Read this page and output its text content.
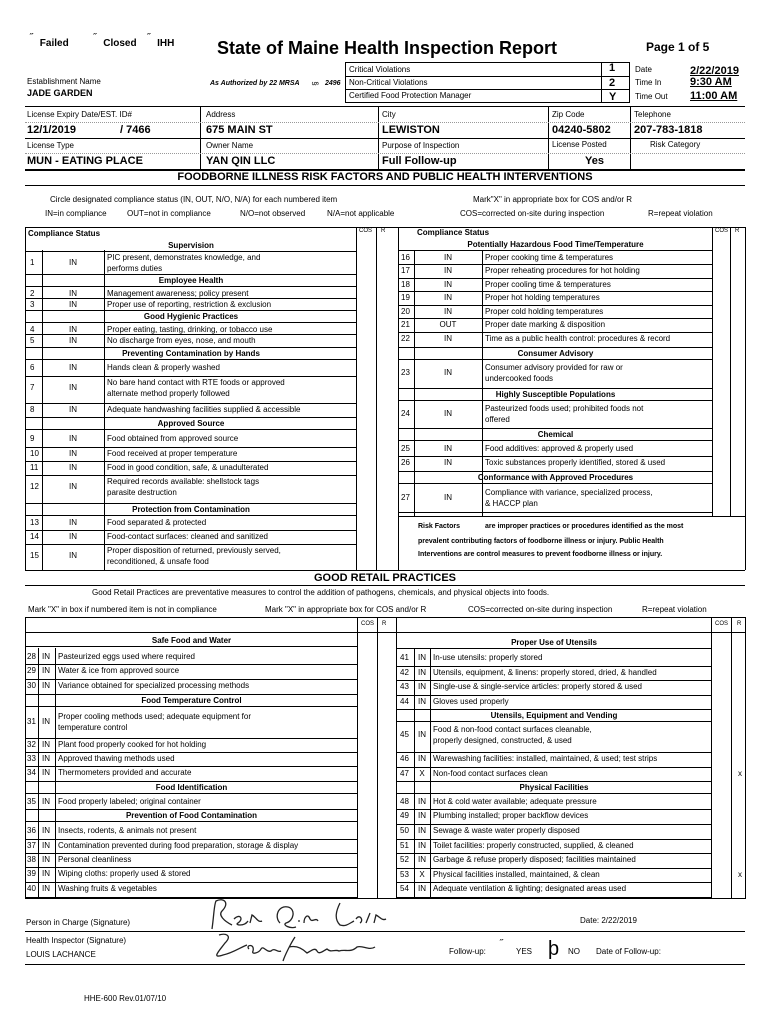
˝ Failed ˝ Closed ˝ IHH State of Maine Health Inspection Report	Page 1 of 5
Establishment Name
JADE GARDEN
As Authorized by 22 MRSA § 2496
Critical Violations	1
Non-Critical Violations	2
Certified Food Protection Manager	Y
Date	2/22/2019
Time In	9:30 AM
Time Out 11:00 AM
License Expiry Date/EST. ID#
12/1/2019	/ 7466
Address
675 MAIN ST
City
LEWISTON
Zip Code
04240-5802
Telephone
207-783-1818
License Type
MUN - EATING PLACE
Owner Name
YAN QIN LLC
Purpose of Inspection
Full Follow-up
License Posted
Yes
Risk Category
FOODBORNE ILLNESS RISK FACTORS AND PUBLIC HEALTH INTERVENTIONS
Circle designated compliance status (IN, OUT, N/O, N/A) for each numbered item	Mark"X" in appropriate box for COS and/or R
IN=in compliance	OUT=not in compliance	N/O=not observed	N/A=not applicable	COS=corrected on-site during inspection	R=repeat violation
Compliance Status	COS R	Compliance Status	COS R
Supervision
1	IN
PIC present, demonstrates knowledge, and
performs duties
Employee Health
2	IN	Management awareness; policy present
3	IN	Proper use of reporting, restriction & exclusion
Good Hygienic Practices
4	IN	Proper eating, tasting, drinking, or tobacco use
5	IN	No discharge from eyes, nose, and mouth
Preventing Contamination by Hands
6	IN	Hands clean & properly washed
7	IN
No bare hand contact with RTE foods or approved
alternate method properly followed
8	IN	Adequate handwashing facilities supplied & accessible
Approved Source
9	IN	Food obtained from approved source
10	IN	Food received at proper temperature
11	IN	Food in good condition, safe, & unadulterated
12	IN
Required records available: shellstock tags
parasite destruction
Protection from Contamination
13	IN	Food separated & protected
14	IN	Food-contact surfaces: cleaned and sanitized
15	IN
Proper disposition of returned, previously served,
reconditioned, & unsafe food
Potentially Hazardous Food Time/Temperature
16	IN	Proper cooking time & temperatures
17	IN	Proper reheating procedures for hot holding
18	IN	Proper cooling time & temperatures
19	IN	Proper hot holding temperatures
20	IN	Proper cold holding temperatures
21	OUT	Proper date marking & disposition
22	IN	Time as a public health control: procedures & record
Consumer Advisory
23	IN
Consumer advisory provided for raw or
undercooked foods
Highly Susceptible Populations
24	IN
Pasteurized foods used; prohibited foods not
offered
Chemical
25	IN	Food additives: approved & properly used
26	IN	Toxic substances properly identified, stored & used
Conformance with Approved Procedures
27	IN
Compliance with variance, specialized process,
& HACCP plan
Risk Factors	are improper practices or procedures identified as the most
prevalent contributing factors of foodborne illness or injury. Public Health
Interventions are control measures to prevent foodborne illness or injury.
GOOD RETAIL PRACTICES
Good Retail Practices are preventative measures to control the addition of pathogens, chemicals, and physical objects into foods.
Mark "X" in box if numbered item is not in compliance	Mark "X" in appropriate box for COS and/or R	COS=corrected on-site during inspection	R=repeat violation
COS R	COS R
Safe Food and Water
28 IN	Pasteurized eggs used where required
29 IN	Water & ice from approved source
30 IN	Variance obtained for specialized processing methods
Food Temperature Control
31 IN
Proper cooling methods used; adequate equipment for
temperature control
32 IN	Plant food properly cooked for hot holding
33 IN	Approved thawing methods used
34 IN	Thermometers provided and accurate
Food Identification
35 IN	Food properly labeled; original container
Prevention of Food Contamination
36 IN	Insects, rodents, & animals not present
37 IN	Contamination prevented during food preparation, storage & display
38 IN	Personal cleanliness
39 IN	Wiping cloths: properly used & stored
40 IN	Washing fruits & vegetables
Proper Use of Utensils
41	IN In-use utensils: properly stored
42	IN Utensils, equipment, & linens: properly stored, dried, & handled
43	IN Single-use & single-service articles: properly stored & used
44	IN Gloves used properly
Utensils, Equipment and Vending
45	IN
Food & non-food contact surfaces cleanable,
properly designed, constructed, & used
46	IN Warewashing facilities: installed, maintained, & used; test strips
47	X	Non-food contact surfaces clean	x
Physical Facilities
48	IN Hot & cold water available; adequate pressure
49	IN Plumbing installed; proper backflow devices
50	IN Sewage & waste water properly disposed
51	IN Toilet facilities: properly constructed, supplied, & cleaned
52	IN Garbage & refuse properly disposed; facilities maintained
53	X	Physical facilities installed, maintained, & clean	x
54	IN Adequate ventilation & lighting; designated areas used
Person in Charge (Signature)	Date: 2/22/2019
Health Inspector (Signature)
LOUIS LACHANCE	Follow-up:
˝
YES þ NO Date of Follow-up:
HHE-600 Rev.01/07/10
